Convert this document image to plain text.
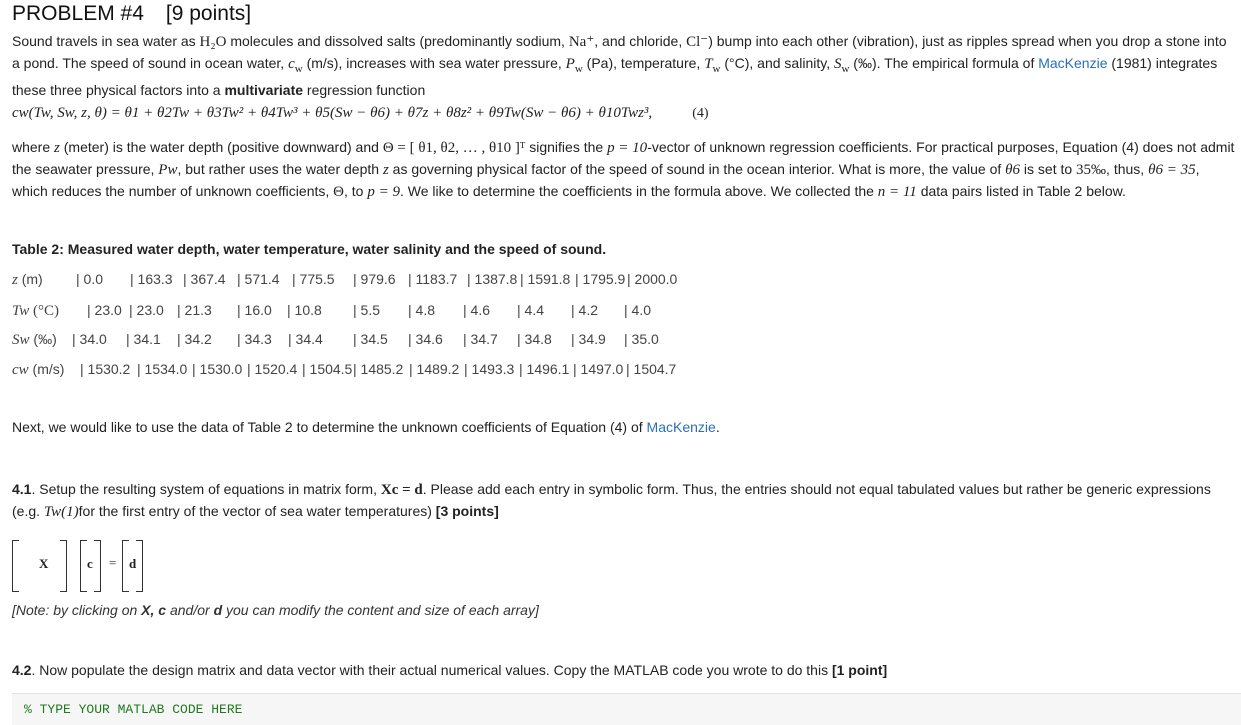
PROBLEM #4 [9 points]

Sound travels in sea water as H₂O molecules and dissolved salts (predominantly sodium, Na⁺, and chloride, Cl⁻) bump into each other (vibration), just as ripples spread when you drop a stone into a pond. The speed of sound in ocean water, $c_w$ (m/s), increases with sea water pressure, $P_w$ (Pa), temperature, $T_w$ (°C), and salinity, $S_w$ (‰). The empirical formula of MacKenzie (1981) integrates these three physical factors into a multivariate regression function

cw(Tw, Sw, z, θ) = θ1 + θ2Tw + θ3Tw² + θ4Tw³ + θ5(Sw − θ6) + θ7z + θ8z² + θ9Tw(Sw − θ6) + θ10Twz³,	(4)

where z (meter) is the water depth (positive downward) and Θ = [ θ1, θ2, … , θ10 ]ᵀ signifies the p = 10-vector of unknown regression coefficients. For practical purposes, Equation (4) does not admit the seawater pressure, Pw, but rather uses the water depth z as governing physical factor of the speed of sound in the ocean interior. What is more, the value of θ6 is set to 35‰, thus, θ6 = 35, which reduces the number of unknown coefficients, Θ, to p = 9. We like to determine the coefficients in the formula above. We collected the n = 11 data pairs listed in Table 2 below.

Table 2: Measured water depth, water temperature, water salinity and the speed of sound.
z (m) | 0.0 | 163.3 | 367.4 | 571.4 | 775.5 | 979.6 | 1183.7 | 1387.8 | 1591.8 | 1795.9 | 2000.0
Tw (°C) | 23.0 | 23.0 | 21.3 | 16.0 | 10.8 | 5.5 | 4.8 | 4.6 | 4.4 | 4.2 | 4.0
Sw (‰) | 34.0 | 34.1 | 34.2 | 34.3 | 34.4 | 34.5 | 34.6 | 34.7 | 34.8 | 34.9 | 35.0
cw (m/s) | 1530.2 | 1534.0 | 1530.0 | 1520.4 | 1504.5 | 1485.2 | 1489.2 | 1493.3 | 1496.1 | 1497.0 | 1504.7
Next, we would like to use the data of Table 2 to determine the unknown coefficients of Equation (4) of MacKenzie.

4.1. Setup the resulting system of equations in matrix form, Xc = d. Please add each entry in symbolic form. Thus, the entries should not equal tabulated values but rather be generic expressions (e.g. Tw(1)for the first entry of the vector of sea water temperatures) [3 points]

X	c = d
[Note: by clicking on X, c and/or d you can modify the content and size of each array]
4.2. Now populate the design matrix and data vector with their actual numerical values. Copy the MATLAB code you wrote to do this [1 point]
% TYPE YOUR MATLAB CODE HERE
